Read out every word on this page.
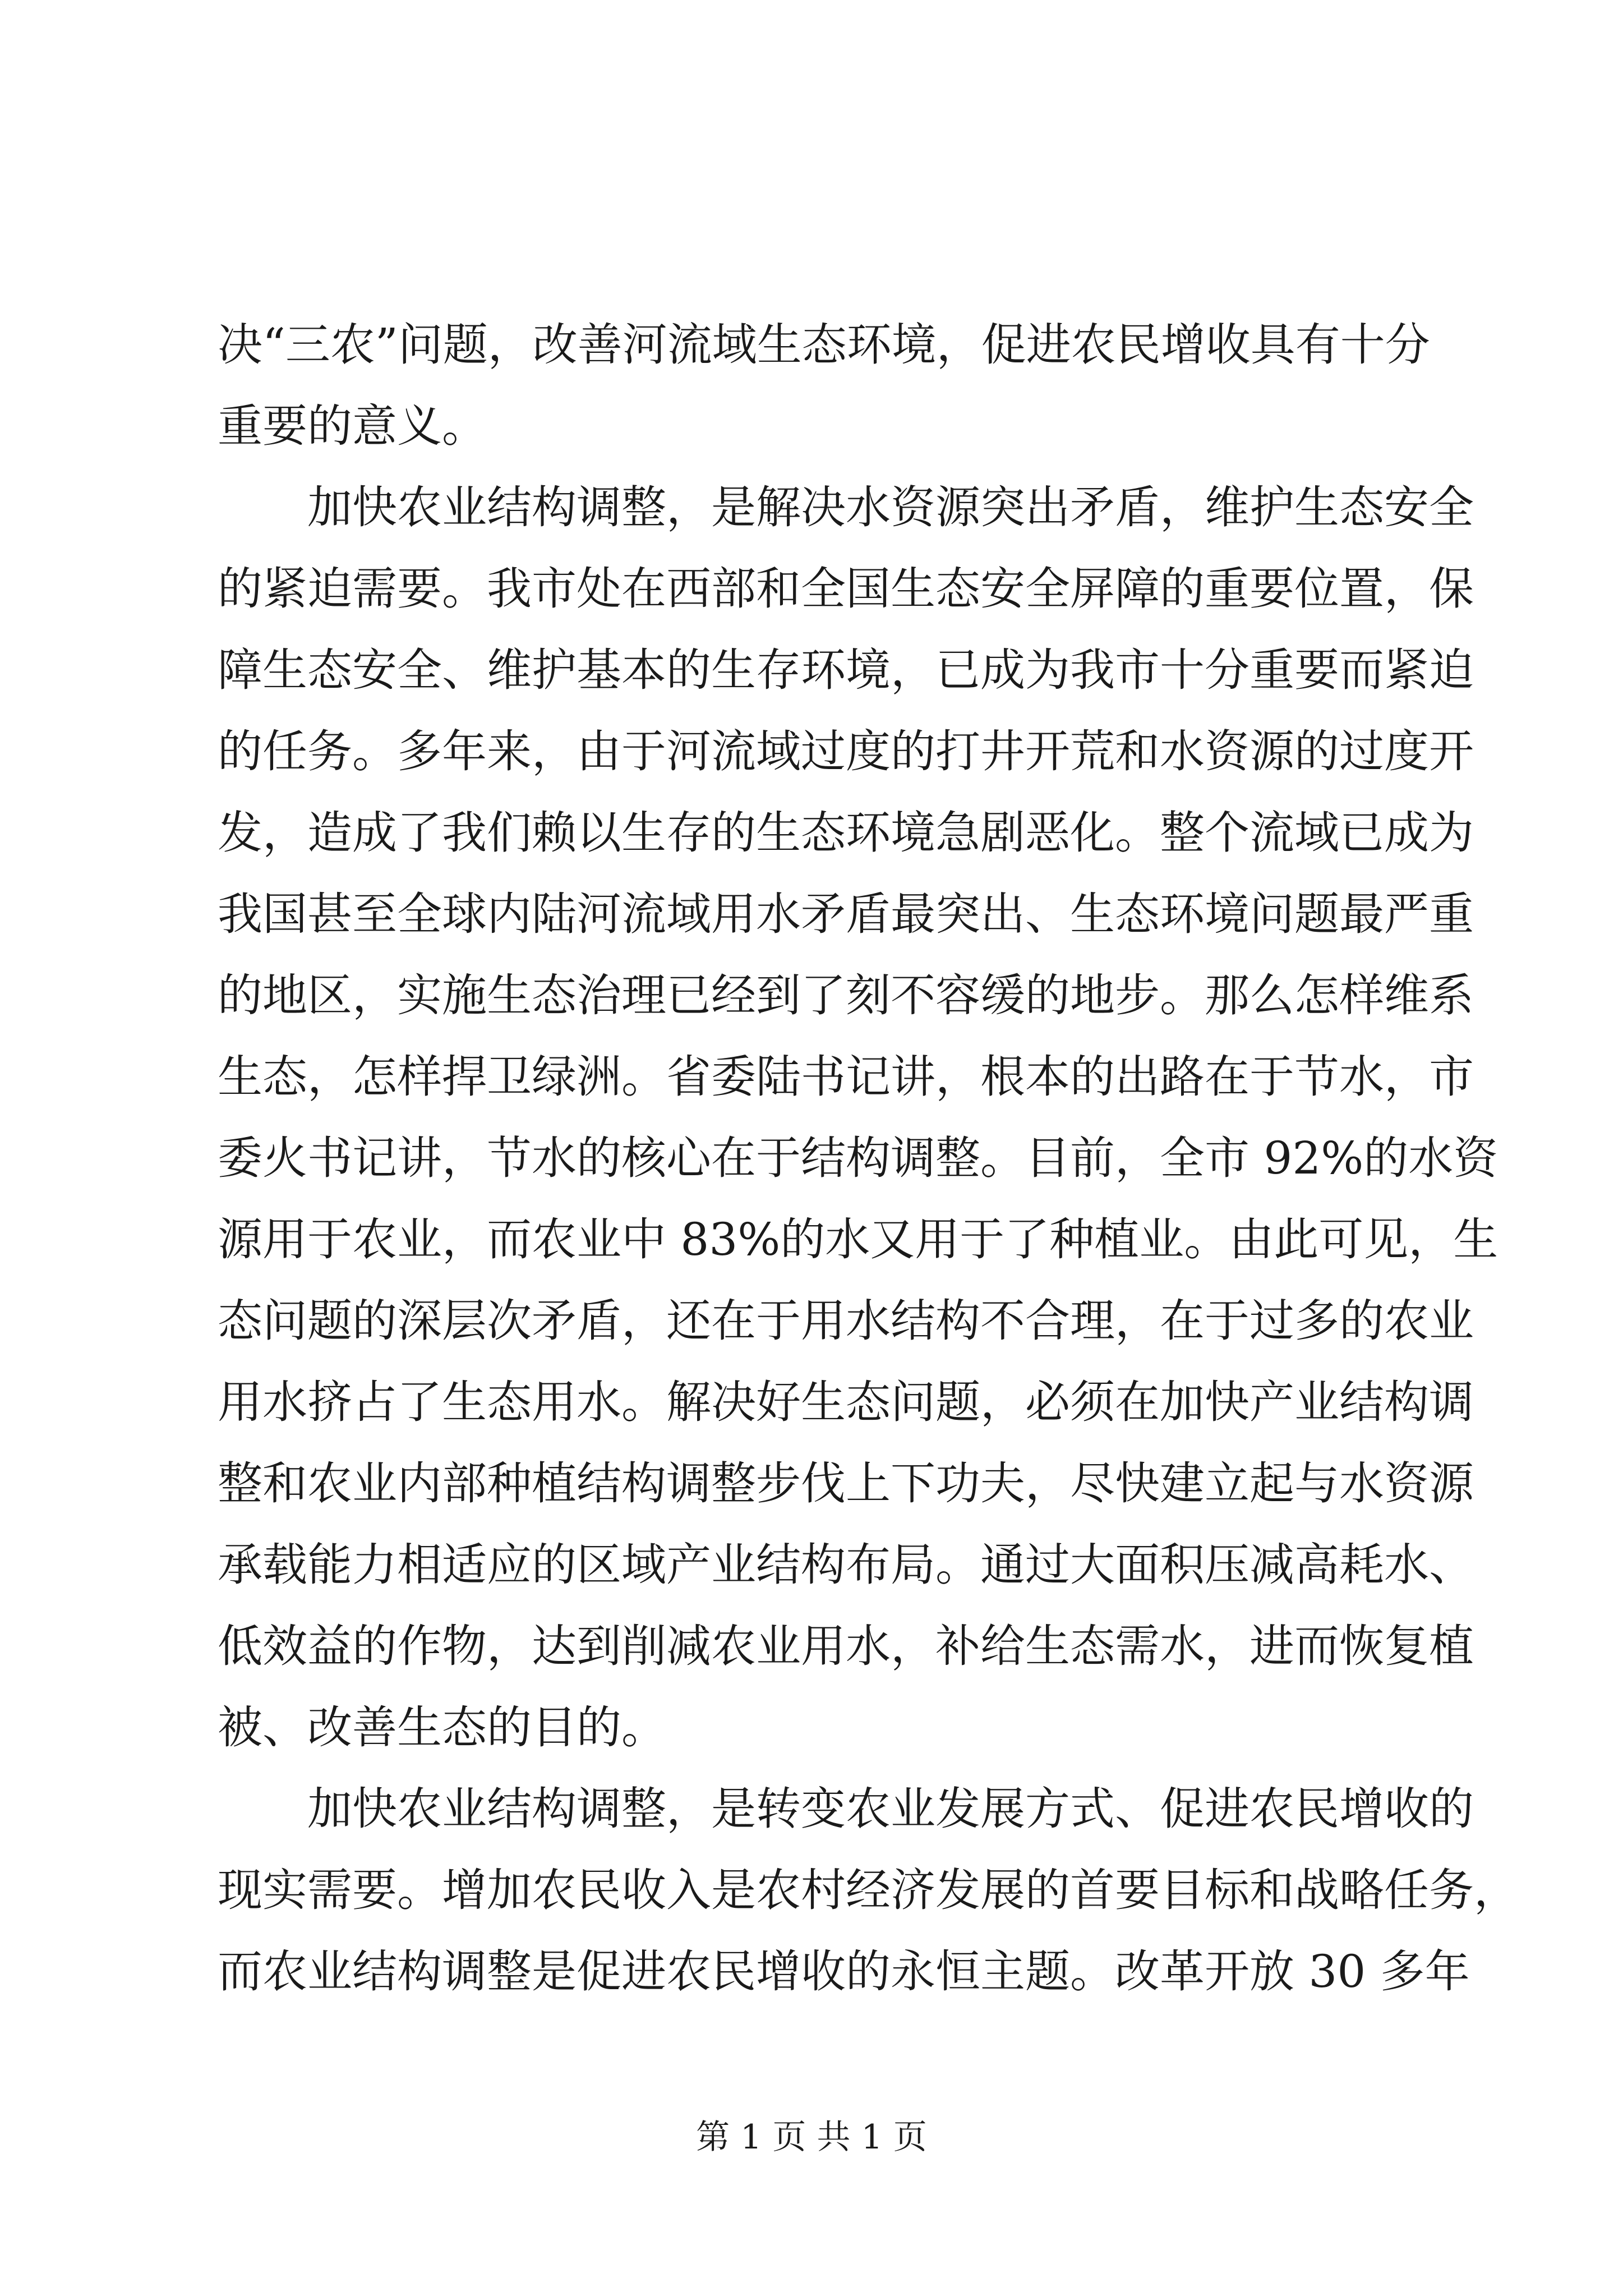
决“三农”问题，改善河流域生态环境，促进农民增收具有十分
重要的意义。
加快农业结构调整，是解决水资源突出矛盾，维护生态安全
的紧迫需要。我市处在西部和全国生态安全屏障的重要位置，保
障生态安全、维护基本的生存环境，已成为我市十分重要而紧迫
的任务。多年来，由于河流域过度的打井开荒和水资源的过度开
发，造成了我们赖以生存的生态环境急剧恶化。整个流域已成为
我国甚至全球内陆河流域用水矛盾最突出、生态环境问题最严重
的地区，实施生态治理已经到了刻不容缓的地步。那么怎样维系
生态，怎样捍卫绿洲。省委陆书记讲，根本的出路在于节水，市
委火书记讲，节水的核心在于结构调整。目前，全市 92%的水资
源用于农业，而农业中 83%的水又用于了种植业。由此可见，生
态问题的深层次矛盾，还在于用水结构不合理，在于过多的农业
用水挤占了生态用水。解决好生态问题，必须在加快产业结构调
整和农业内部种植结构调整步伐上下功夫，尽快建立起与水资源
承载能力相适应的区域产业结构布局。通过大面积压减高耗水、
低效益的作物，达到削减农业用水，补给生态需水，进而恢复植
被、改善生态的目的。
加快农业结构调整，是转变农业发展方式、促进农民增收的
现实需要。增加农民收入是农村经济发展的首要目标和战略任务，
而农业结构调整是促进农民增收的永恒主题。改革开放 30 多年
第 1 页 共 1 页
